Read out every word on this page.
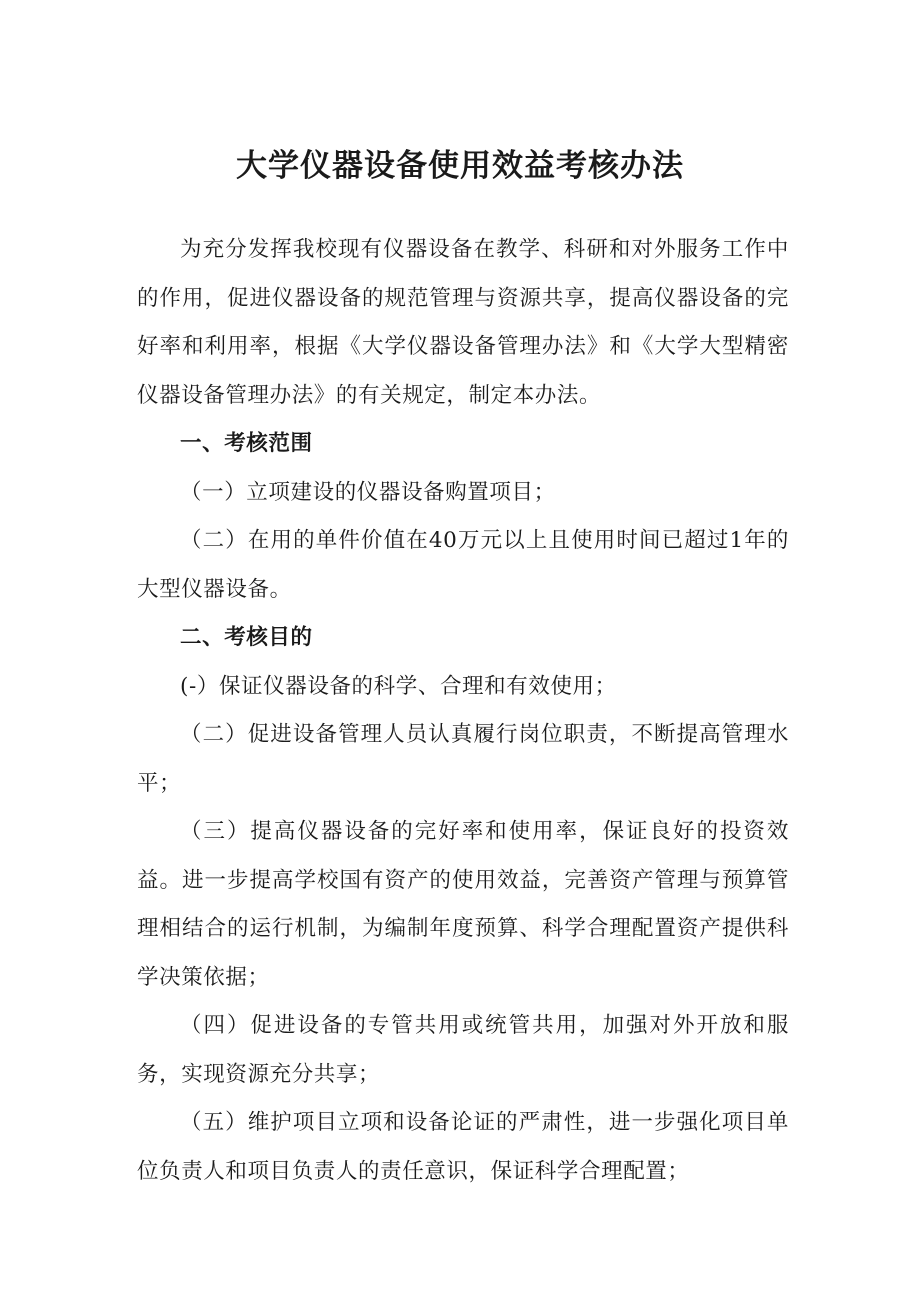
大学仪器设备使用效益考核办法

为充分发挥我校现有仪器设备在教学、科研和对外服务工作中的作用，促进仪器设备的规范管理与资源共享，提高仪器设备的完好率和利用率，根据《大学仪器设备管理办法》和《大学大型精密仪器设备管理办法》的有关规定，制定本办法。

一、考核范围

（一）立项建设的仪器设备购置项目；

（二）在用的单件价值在40万元以上且使用时间已超过1年的大型仪器设备。

二、考核目的

(-）保证仪器设备的科学、合理和有效使用；

（二）促进设备管理人员认真履行岗位职责，不断提高管理水平；

（三）提高仪器设备的完好率和使用率，保证良好的投资效益。进一步提高学校国有资产的使用效益，完善资产管理与预算管理相结合的运行机制，为编制年度预算、科学合理配置资产提供科学决策依据；

（四）促进设备的专管共用或统管共用，加强对外开放和服务，实现资源充分共享；

（五）维护项目立项和设备论证的严肃性，进一步强化项目单位负责人和项目负责人的责任意识，保证科学合理配置；
